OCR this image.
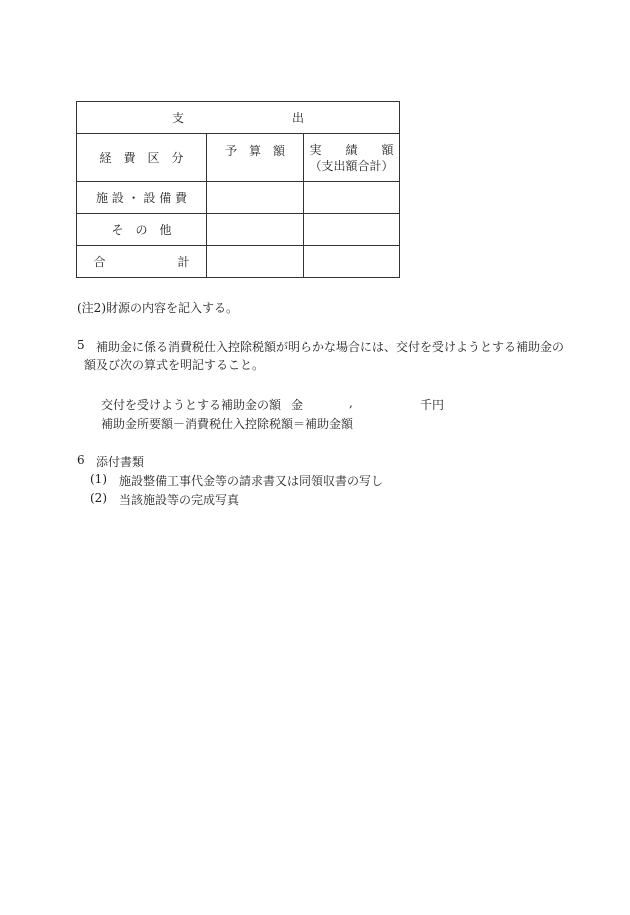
支　　　　　　　　　出		
経　費　区　分	予　算　額	実　　績　　額
（支出額合計）

施 設 ・ 設 備 費		
そ　の　他		
合　　　　　　計		
(注2)財源の内容を記入する。
5 補助金に係る消費税仕入控除税額が明らかな場合には、交付を受けようとする補助金の
額及び次の算式を明記すること。
交付を受けようとする補助金の額 金	,	千円
補助金所要額－消費税仕入控除税額＝補助金額
6 添付書類
(1) 施設整備工事代金等の請求書又は同領収書の写し
(2) 当該施設等の完成写真
